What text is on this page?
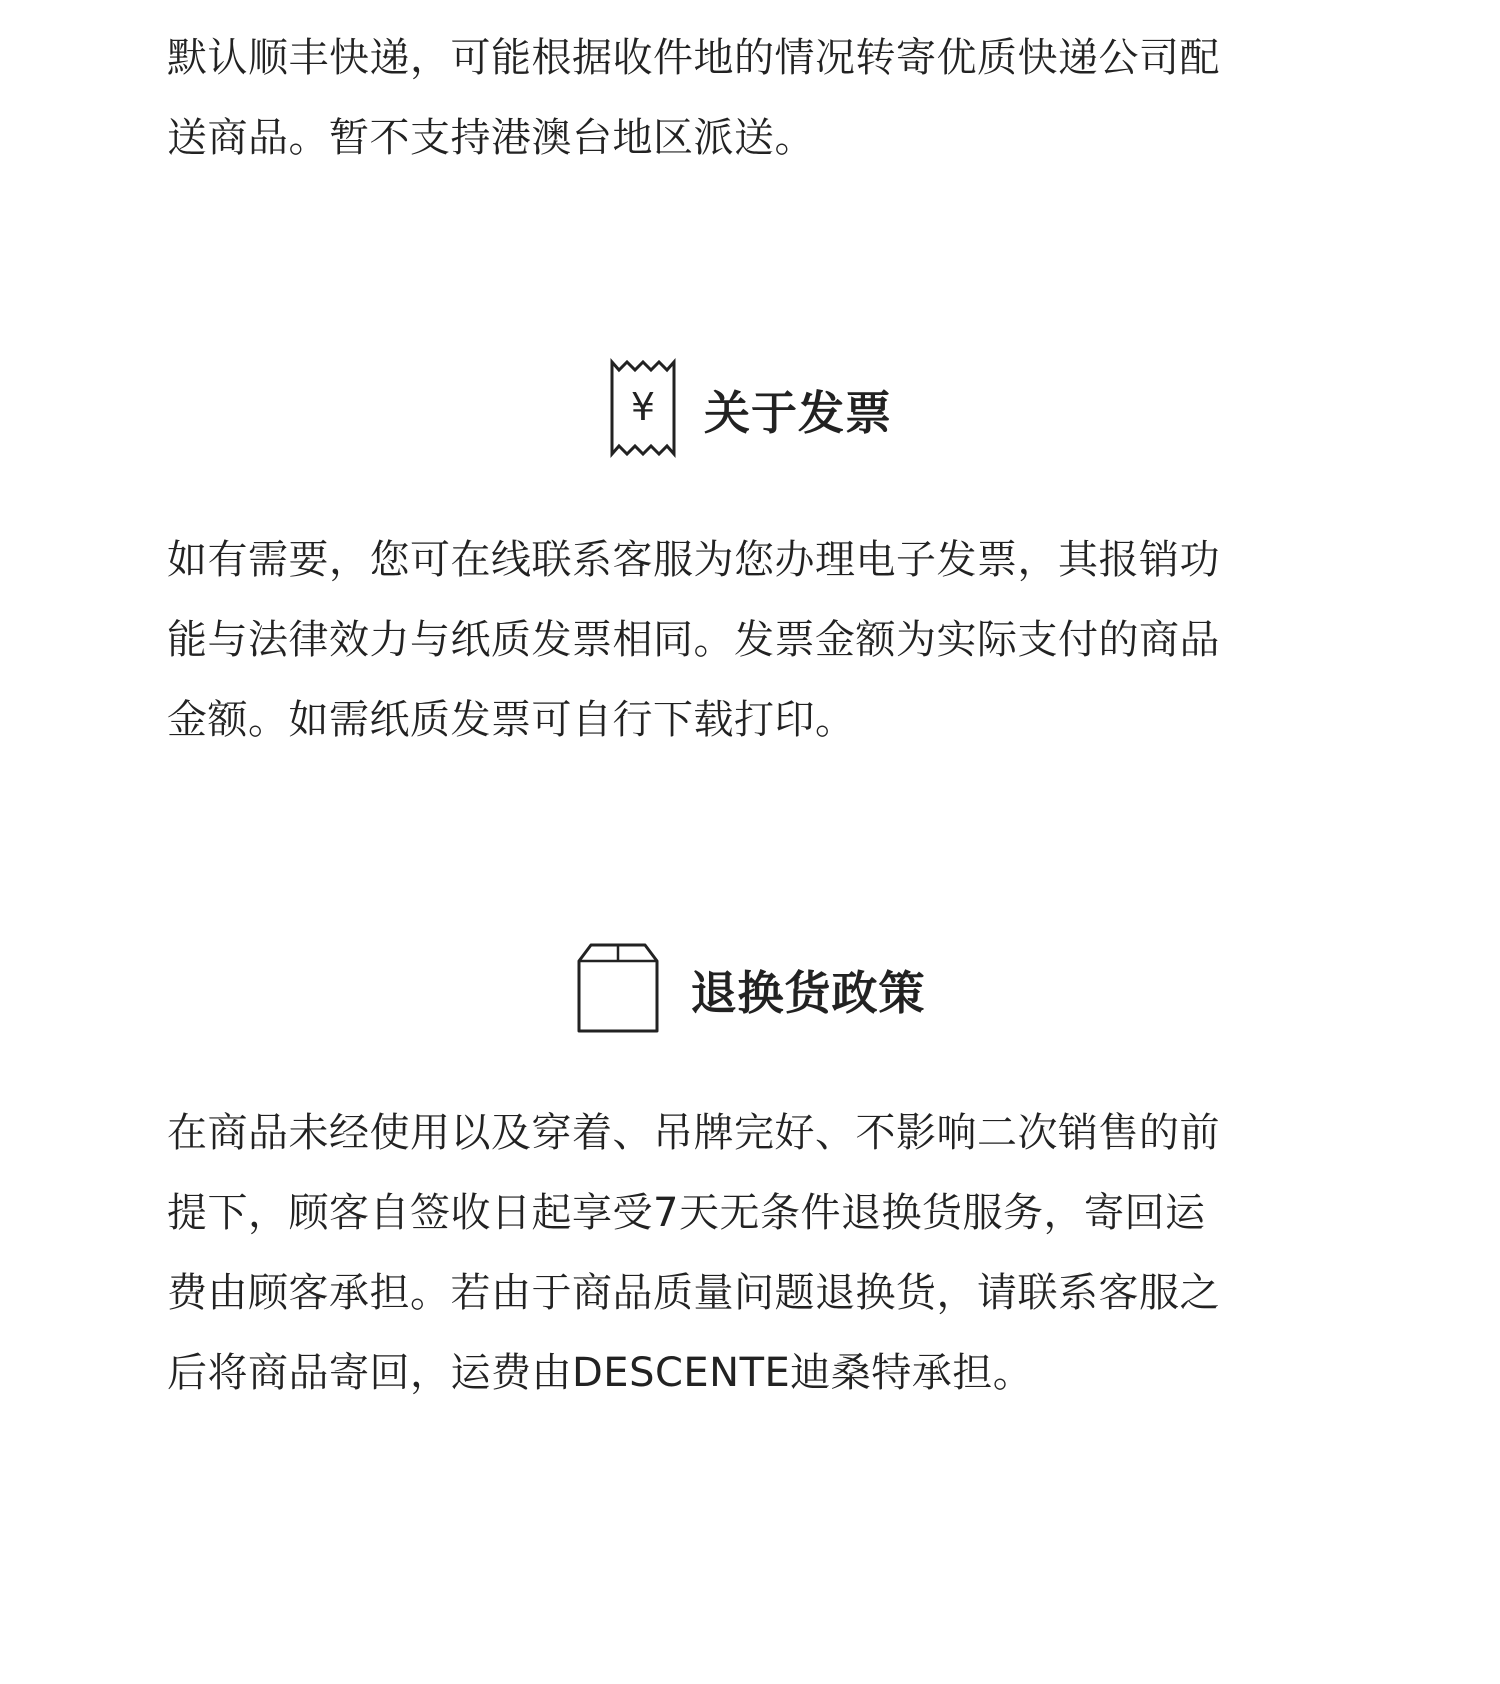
默认顺丰快递，可能根据收件地的情况转寄优质快递公司配
送商品。暂不支持港澳台地区派送。

¥ 关于发票

如有需要，您可在线联系客服为您办理电子发票，其报销功
能与法律效力与纸质发票相同。发票金额为实际支付的商品
金额。如需纸质发票可自行下载打印。

退换货政策

在商品未经使用以及穿着、吊牌完好、不影响二次销售的前
提下，顾客自签收日起享受7天无条件退换货服务，寄回运
费由顾客承担。若由于商品质量问题退换货，请联系客服之
后将商品寄回，运费由DESCENTE迪桑特承担。
